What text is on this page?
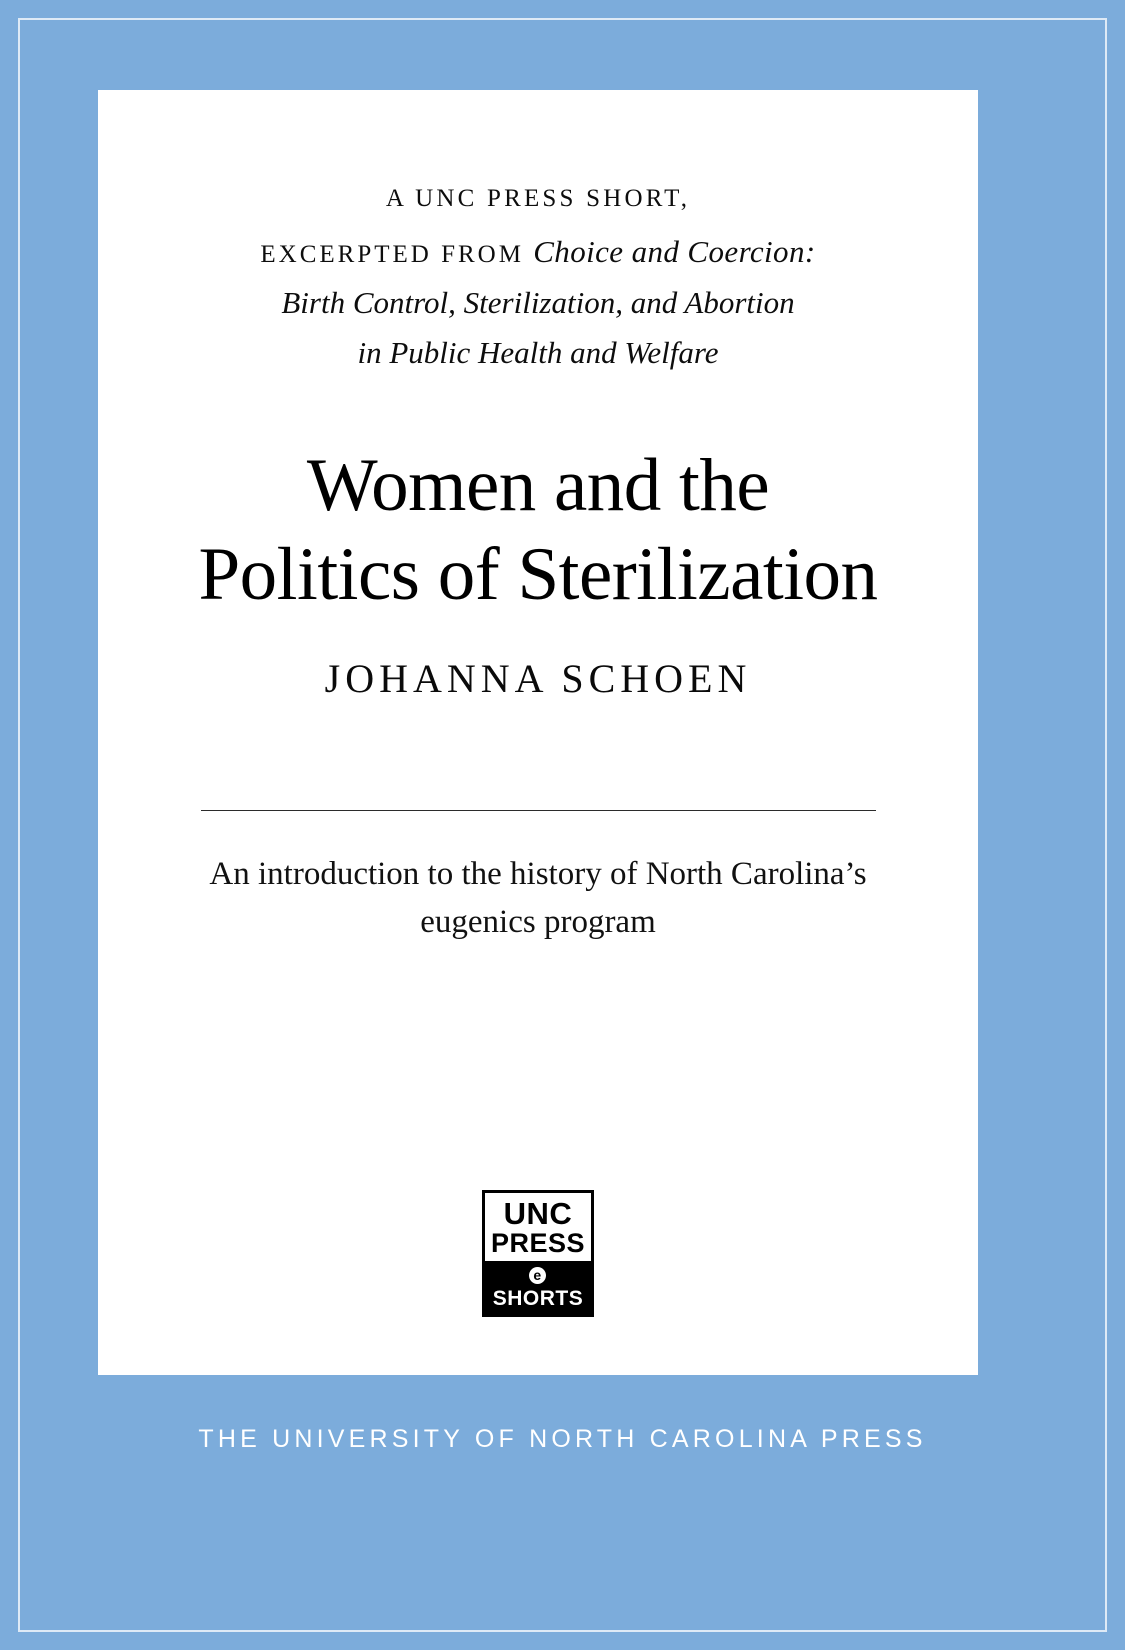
A UNC PRESS SHORT,
EXCERPTED FROM Choice and Coercion:
Birth Control, Sterilization, and Abortion
in Public Health and Welfare
Women and the
Politics of Sterilization
JOHANNA SCHOEN
An introduction to the history of North Carolina’s
eugenics program
UNC
PRESS
eSHORTS
THE UNIVERSITY OF NORTH CAROLINA PRESS
